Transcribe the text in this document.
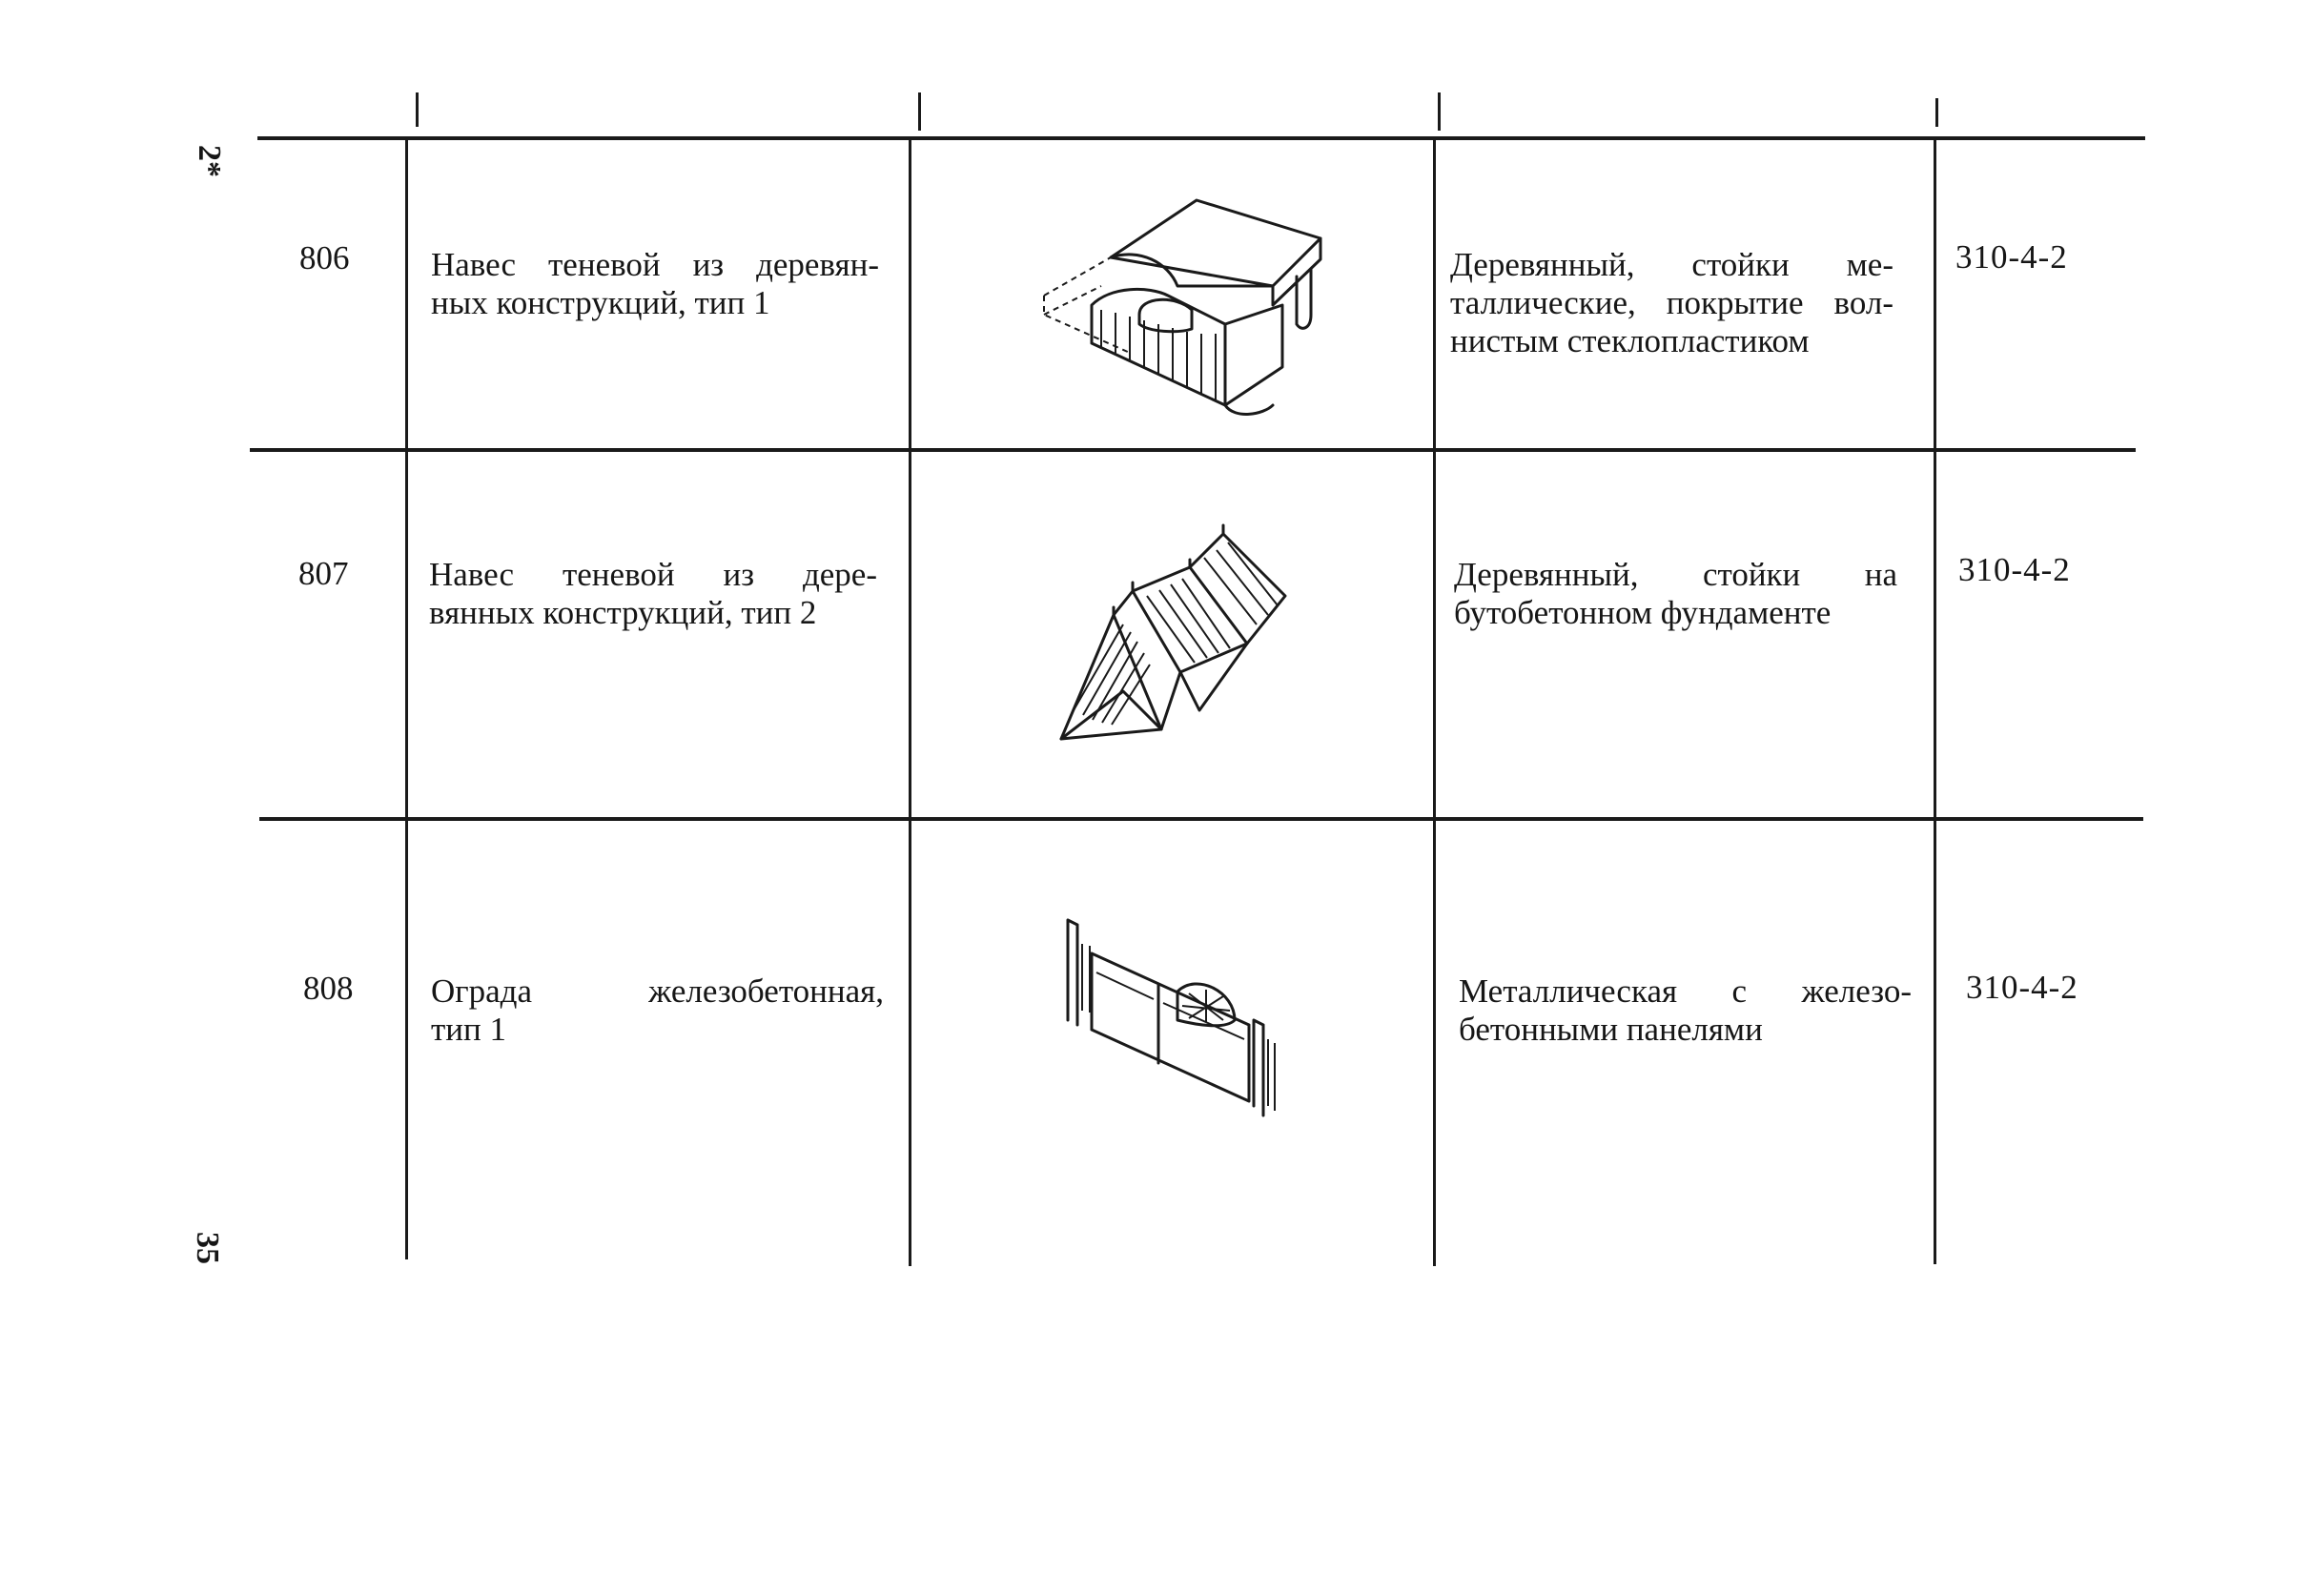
2*
35
806 Навес теневой из деревян-
ных конструкций, тип 1
Деревянный, стойки ме-
таллические, покрытие вол-
нистым стеклопластиком
310-4-2
807 Навес теневой из дере-
вянных конструкций, тип 2
Деревянный, стойки на
бутобетонном фундаменте
310-4-2
808 Ограда железобетонная,
тип 1
Металлическая с железо-
бетонными панелями
310-4-2
